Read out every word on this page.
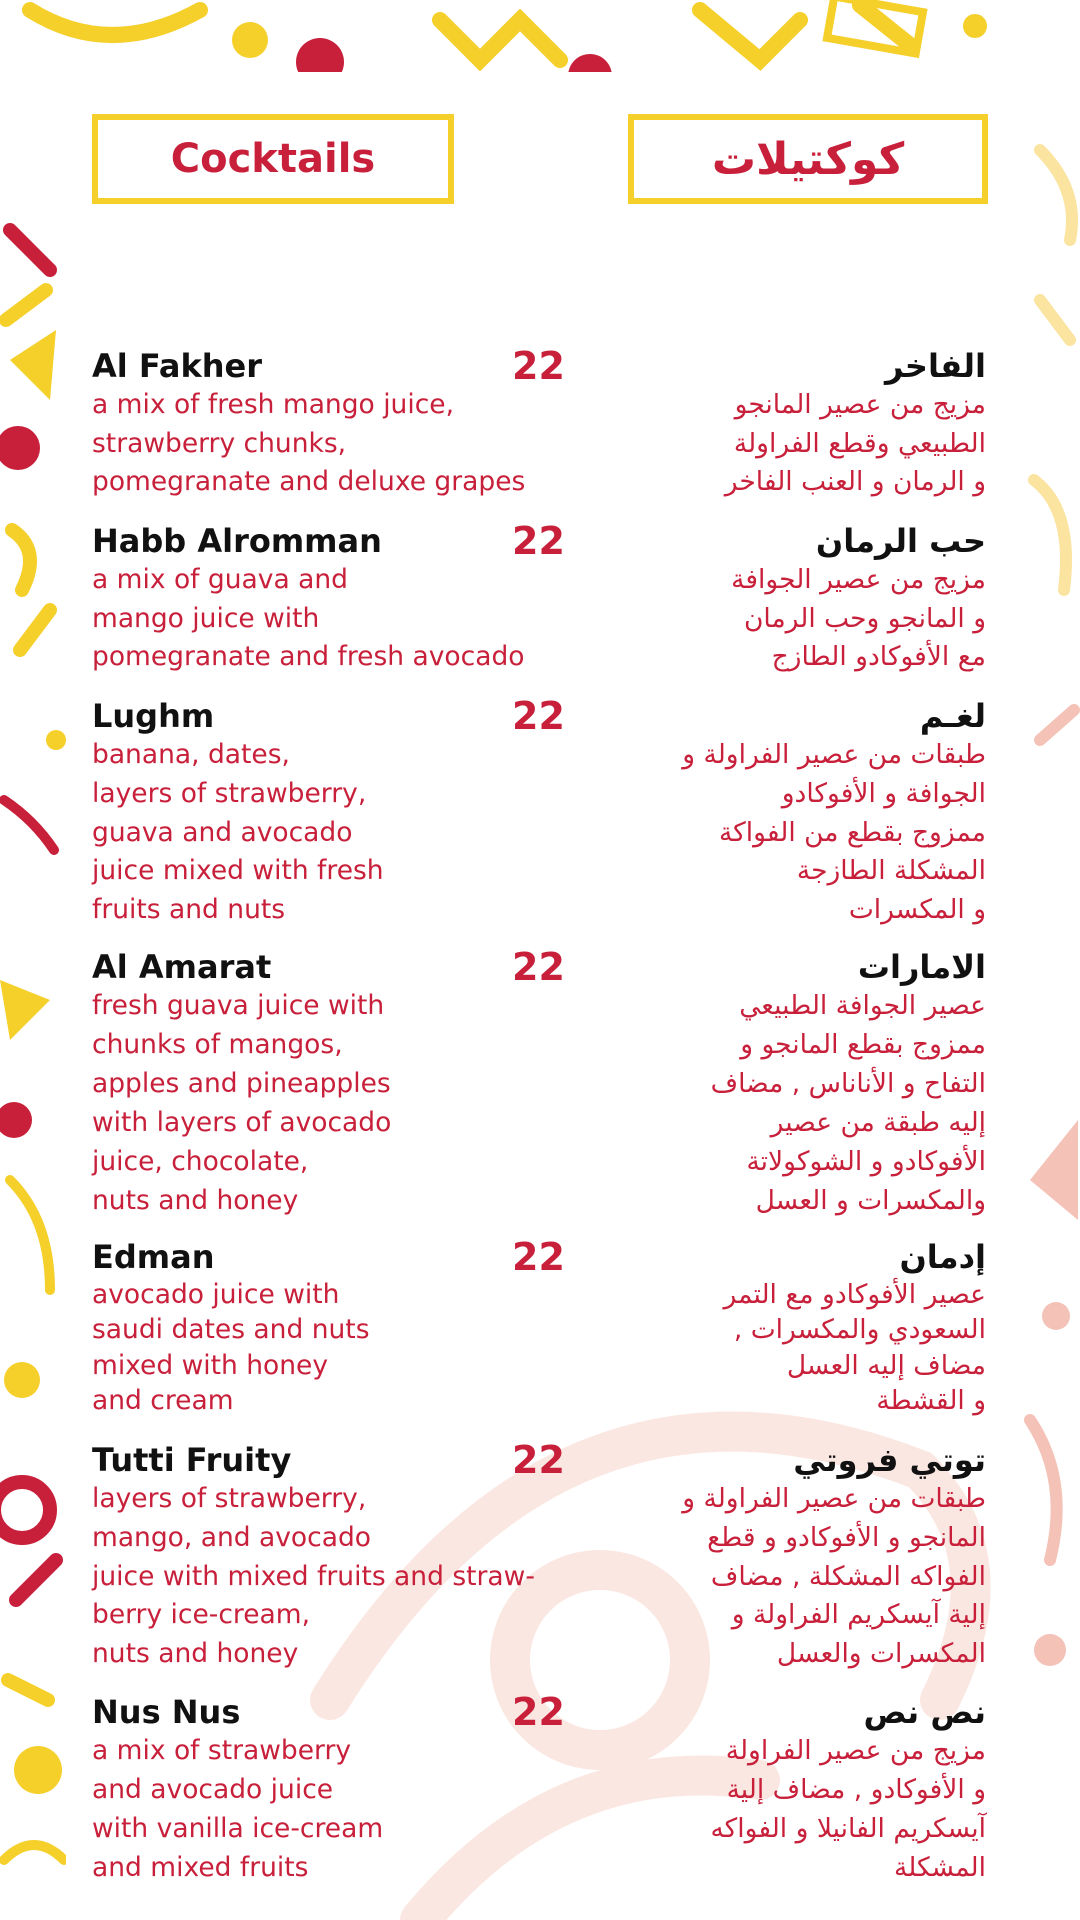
Cocktails	كوكتيلات
Al Fakher	22
a mix of fresh mango juice,
strawberry chunks,
pomegranate and deluxe grapes
الفاخر
مزيج من عصير المانجو
الطبيعي وقطع الفراولة
و الرمان و العنب الفاخر
Habb Alromman	22
a mix of guava and
mango juice with
pomegranate and fresh avocado
حب الرمان
مزيج من عصير الجوافة
و المانجو وحب الرمان
مع الأفوكادو الطازج
Lughm	22
banana, dates,
layers of strawberry,
guava and avocado
juice mixed with fresh
fruits and nuts
لغـم
طبقات من عصير الفراولة و
الجوافة و الأفوكادو
ممزوج بقطع من الفواكة
المشكلة الطازجة
و المكسرات
Al Amarat	22
fresh guava juice with
chunks of mangos,
apples and pineapples
with layers of avocado
juice, chocolate,
nuts and honey
الامارات
عصير الجوافة الطبيعي
ممزوج بقطع المانجو و
التفاح و الأناناس , مضاف
إليه طبقة من عصير
الأفوكادو و الشوكولاتة
والمكسرات و العسل
Edman	22
avocado juice with
saudi dates and nuts
mixed with honey
and cream
إدمان
عصير الأفوكادو مع التمر
السعودي والمكسرات ,
مضاف إليه العسل
و القشطة
Tutti Fruity	22
layers of strawberry,
mango, and avocado
juice with mixed fruits and straw-
berry ice-cream,
nuts and honey
توتي فروتي
طبقات من عصير الفراولة و
المانجو و الأفوكادو و قطع
الفواكه المشكلة , مضاف
إلية آيسكريم الفراولة و
المكسرات والعسل
Nus Nus	22
a mix of strawberry
and avocado juice
with vanilla ice-cream
and mixed fruits
نص نص
مزيج من عصير الفراولة
و الأفوكادو , مضاف إلية
آيسكريم الفانيلا و الفواكه
المشكلة
